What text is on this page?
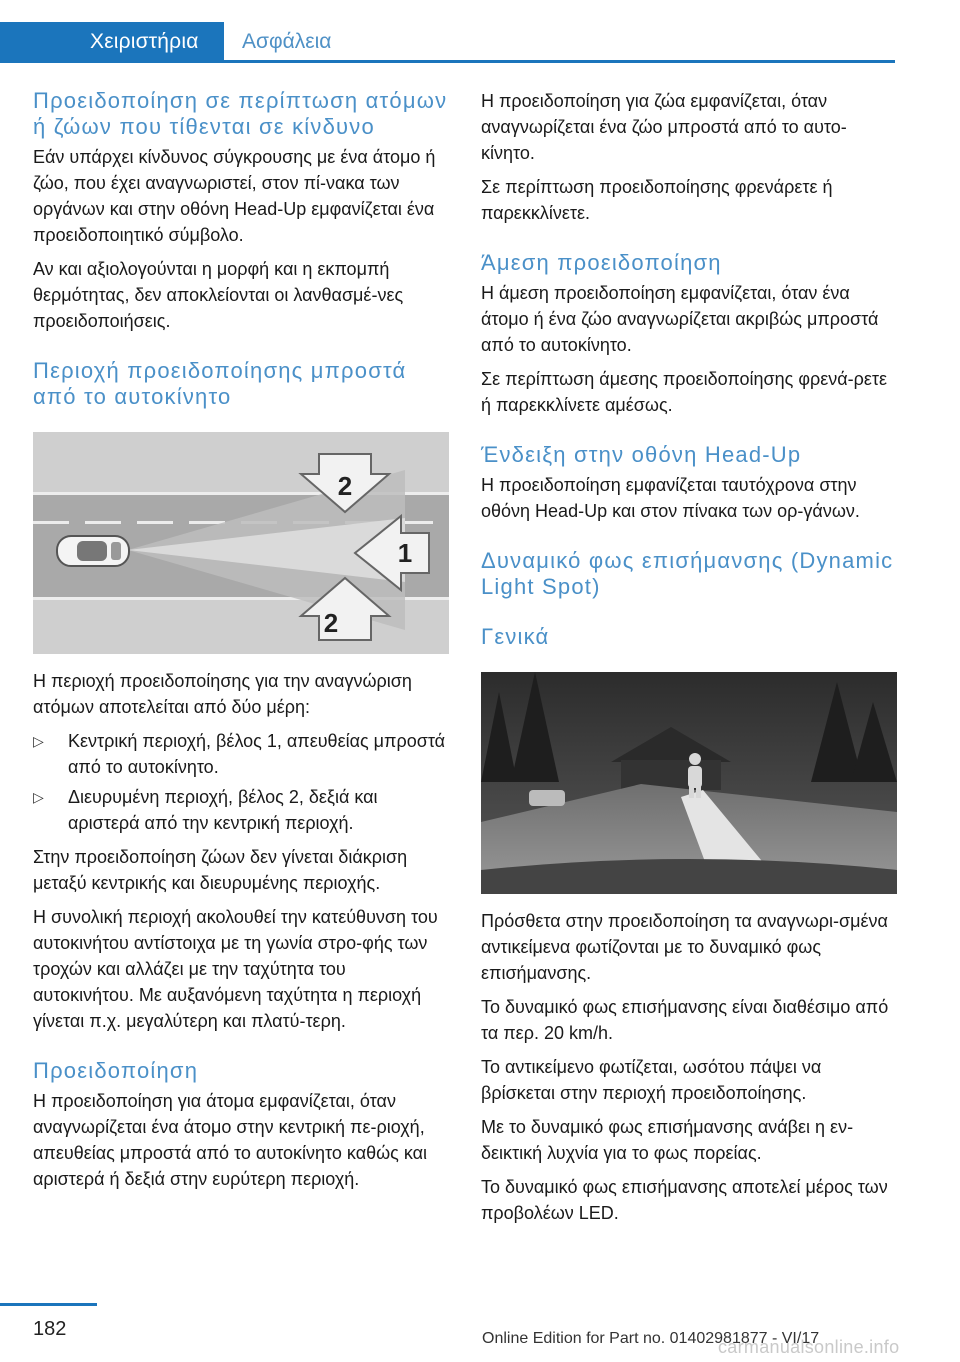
Χειριστήρια	Ασφάλεια
Προειδοποίηση σε περίπτωση ατόμων ή ζώων που τίθενται σε κίνδυνο

Εάν υπάρχει κίνδυνος σύγκρουσης με ένα άτομο ή ζώο, που έχει αναγνωριστεί, στον πί-νακα των οργάνων και στην οθόνη Head-Up εμφανίζεται ένα προειδοποιητικό σύμβολο.

Αν και αξιολογούνται η μορφή και η εκπομπή θερμότητας, δεν αποκλείονται οι λανθασμέ-νες προειδοποιήσεις.

Περιοχή προειδοποίησης μπροστά από το αυτοκίνητο
2
1
2

Η περιοχή προειδοποίησης για την αναγνώριση ατόμων αποτελείται από δύο μέρη:

▷	Κεντρική περιοχή, βέλος 1, απευθείας μπροστά από το αυτοκίνητο.
▷	Διευρυμένη περιοχή, βέλος 2, δεξιά και αριστερά από την κεντρική περιοχή.

Στην προειδοποίηση ζώων δεν γίνεται διάκριση μεταξύ κεντρικής και διευρυμένης περιοχής.

Η συνολική περιοχή ακολουθεί την κατεύθυνση του αυτοκινήτου αντίστοιχα με τη γωνία στρο-φής των τροχών και αλλάζει με την ταχύτητα του αυτοκινήτου. Με αυξανόμενη ταχύτητα η περιοχή γίνεται π.χ. μεγαλύτερη και πλατύ-τερη.

Προειδοποίηση

Η προειδοποίηση για άτομα εμφανίζεται, όταν αναγνωρίζεται ένα άτομο στην κεντρική πε-ριοχή, απευθείας μπροστά από το αυτοκίνητο καθώς και αριστερά ή δεξιά στην ευρύτερη περιοχή.

Η προειδοποίηση για ζώα εμφανίζεται, όταν αναγνωρίζεται ένα ζώο μπροστά από το αυτο-κίνητο.

Σε περίπτωση προειδοποίησης φρενάρετε ή παρεκκλίνετε.

Άμεση προειδοποίηση

Η άμεση προειδοποίηση εμφανίζεται, όταν ένα άτομο ή ένα ζώο αναγνωρίζεται ακριβώς μπροστά από το αυτοκίνητο.

Σε περίπτωση άμεσης προειδοποίησης φρενά-ρετε ή παρεκκλίνετε αμέσως.

Ένδειξη στην οθόνη Head-Up

Η προειδοποίηση εμφανίζεται ταυτόχρονα στην οθόνη Head-Up και στον πίνακα των ορ-γάνων.

Δυναμικό φως επισήμανσης (Dynamic Light Spot)
Γενικά

Πρόσθετα στην προειδοποίηση τα αναγνωρι-σμένα αντικείμενα φωτίζονται με το δυναμικό φως επισήμανσης.

Το δυναμικό φως επισήμανσης είναι διαθέσιμο από τα περ. 20 km/h.

Το αντικείμενο φωτίζεται, ωσότου πάψει να βρίσκεται στην περιοχή προειδοποίησης.

Με το δυναμικό φως επισήμανσης ανάβει η εν-δεικτική λυχνία για το φως πορείας.

Το δυναμικό φως επισήμανσης αποτελεί μέρος των προβολέων LED.

182	Online Edition for Part no. 01402981877 - VI/17
carmanualsonline.info
